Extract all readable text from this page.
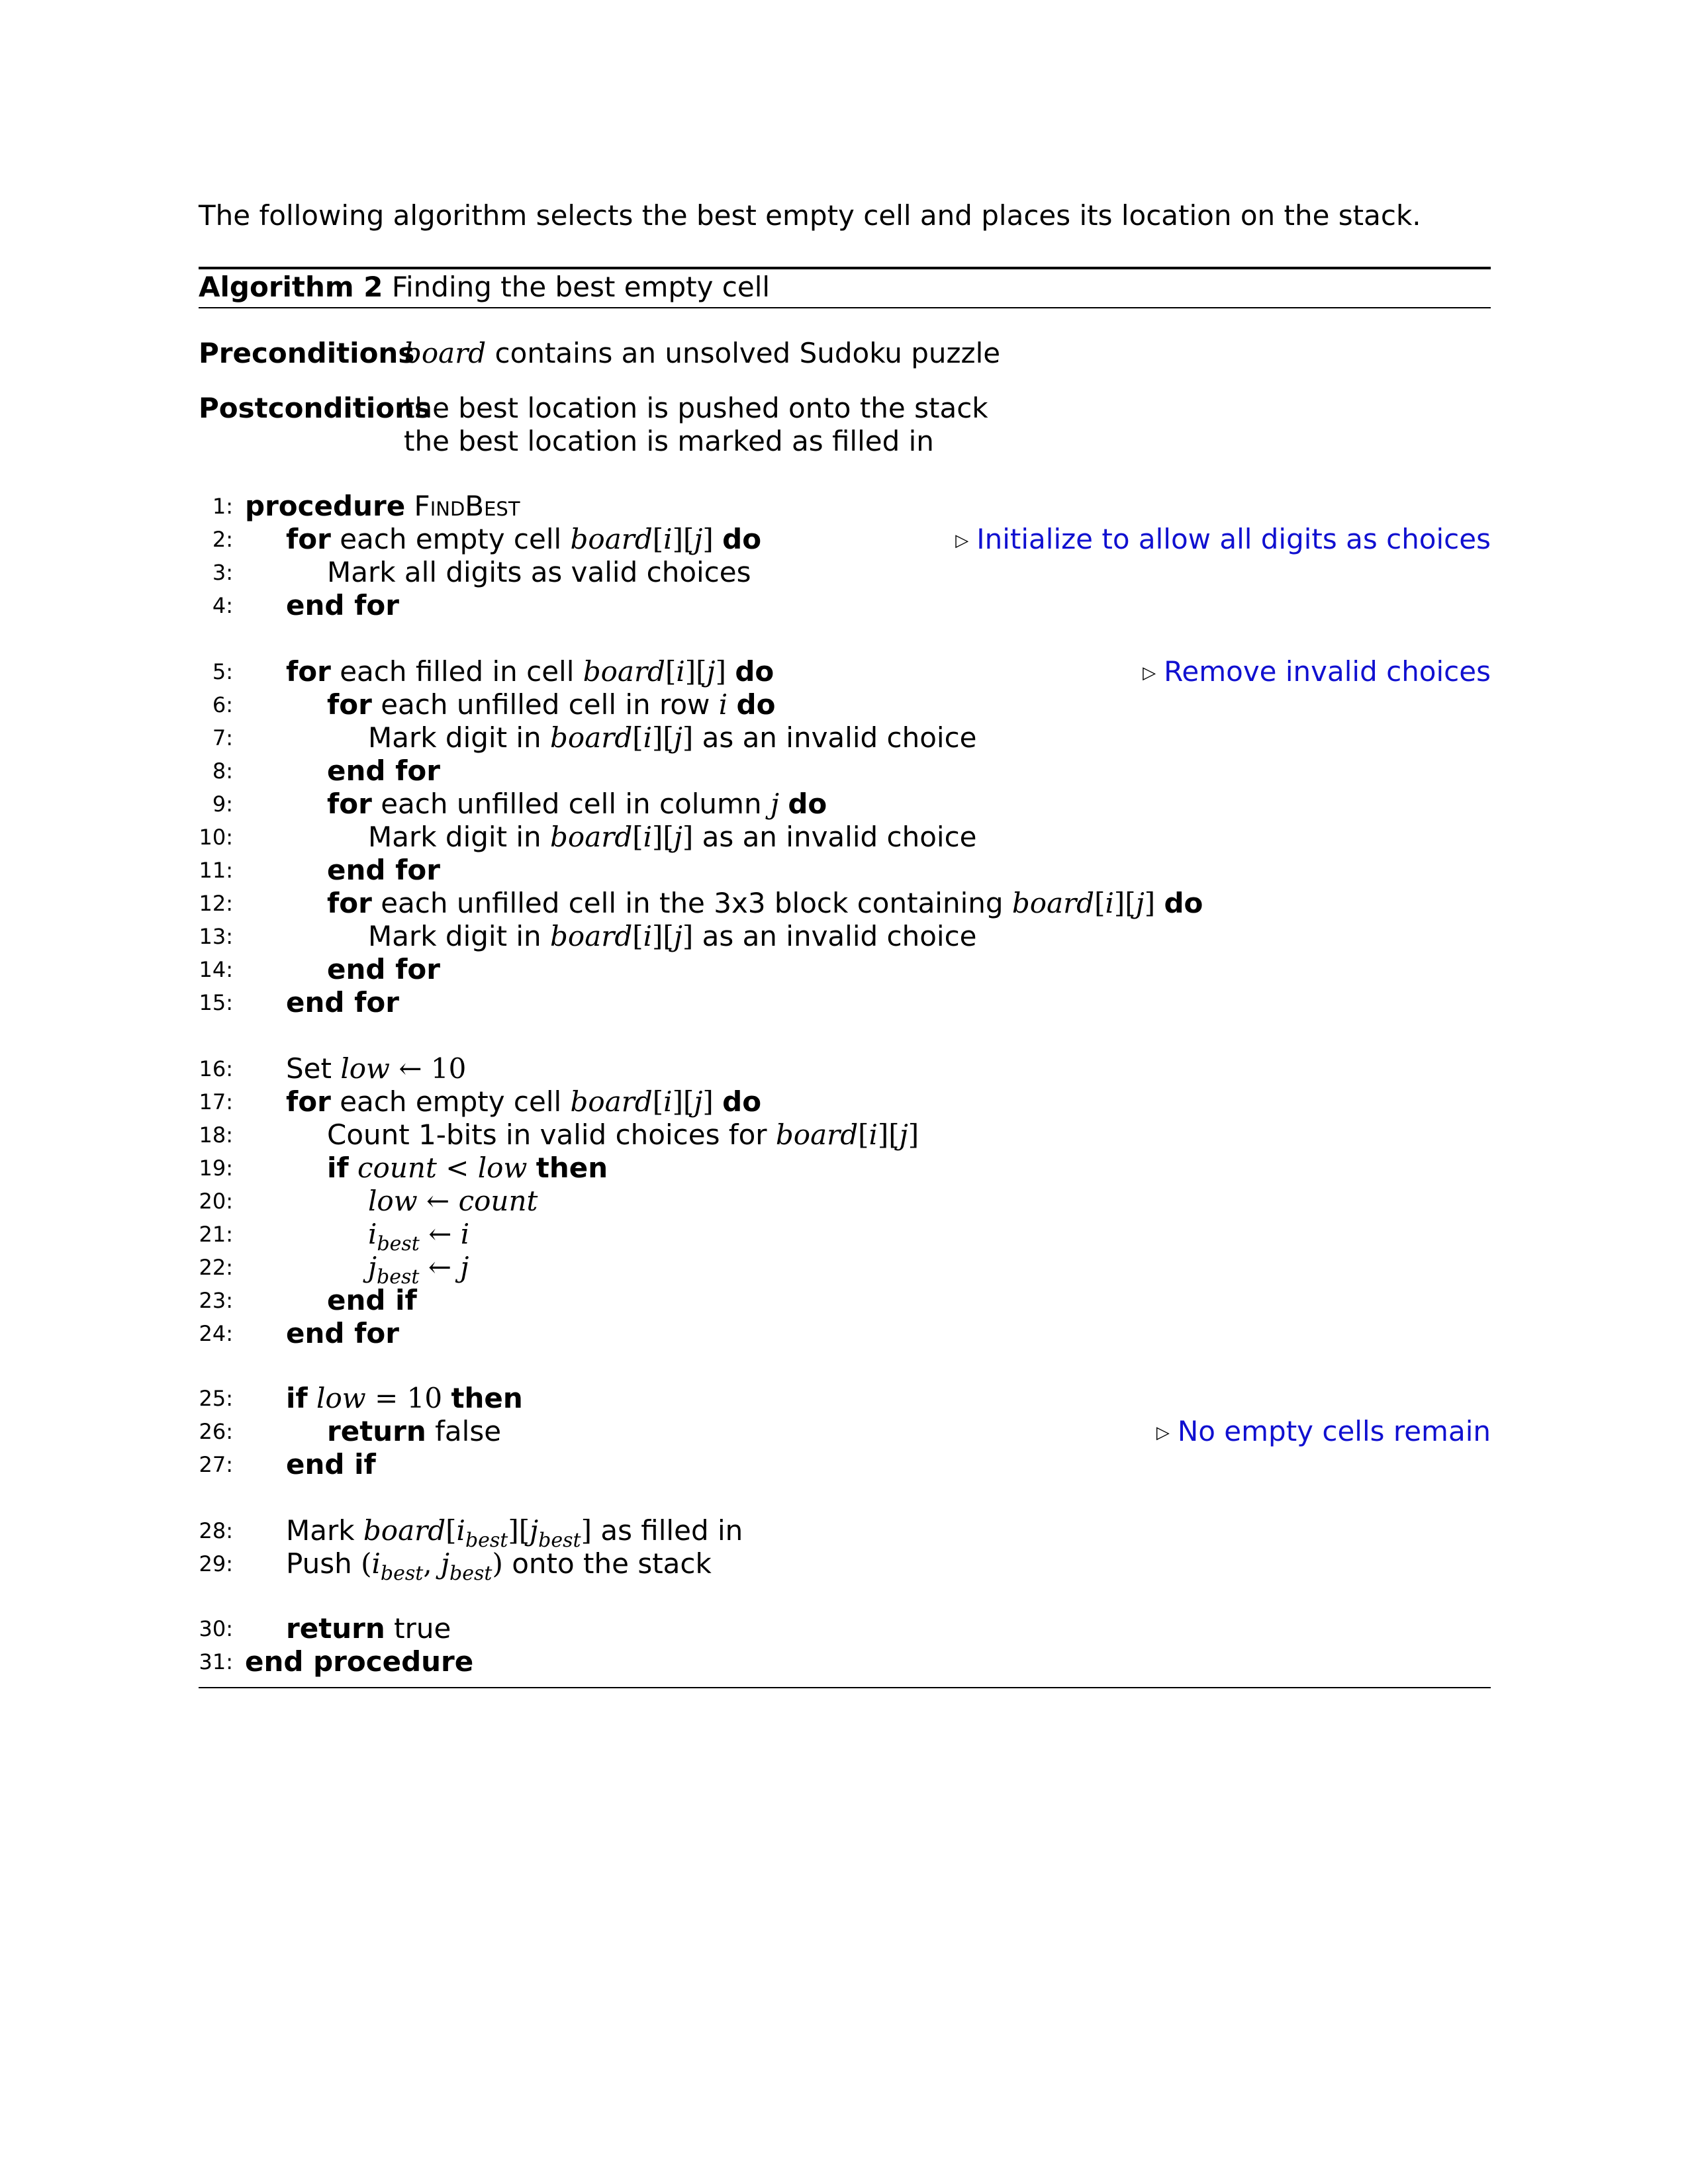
The following algorithm selects the best empty cell and places its location on the stack.
Algorithm 2 Finding the best empty cell
Preconditions
board contains an unsolved Sudoku puzzle
Postconditions
the best location is pushed onto the stack
the best location is marked as filled in
1: procedure FindBest
2: for each empty cell board[i][j] do	▷ Initialize to allow all digits as choices
3:	Mark all digits as valid choices
4: end for
5: for each filled in cell board[i][j] do	▷ Remove invalid choices
6:	for each unfilled cell in row i do
7:	Mark digit in board[i][j] as an invalid choice
8:	end for
9:	for each unfilled cell in column j do
10:	Mark digit in board[i][j] as an invalid choice
11:	end for
12:	for each unfilled cell in the 3x3 block containing board[i][j] do
13:	Mark digit in board[i][j] as an invalid choice
14:	end for
15: end for
16: Set low ← 10
17: for each empty cell board[i][j] do
18:	Count 1-bits in valid choices for board[i][j]
19:	if count < low then
20:	low ← count
21:	$i_{best}$ ← i
22:	$j_{best}$ ← j
23:	end if
24: end for
25: if low = 10 then
26:	return false	▷ No empty cells remain
27: end if
28: Mark $board[i_{best}][j_{best}]$ as filled in
29: Push ($i_{best}$, $j_{best}$) onto the stack
30: return true
31: end procedure
